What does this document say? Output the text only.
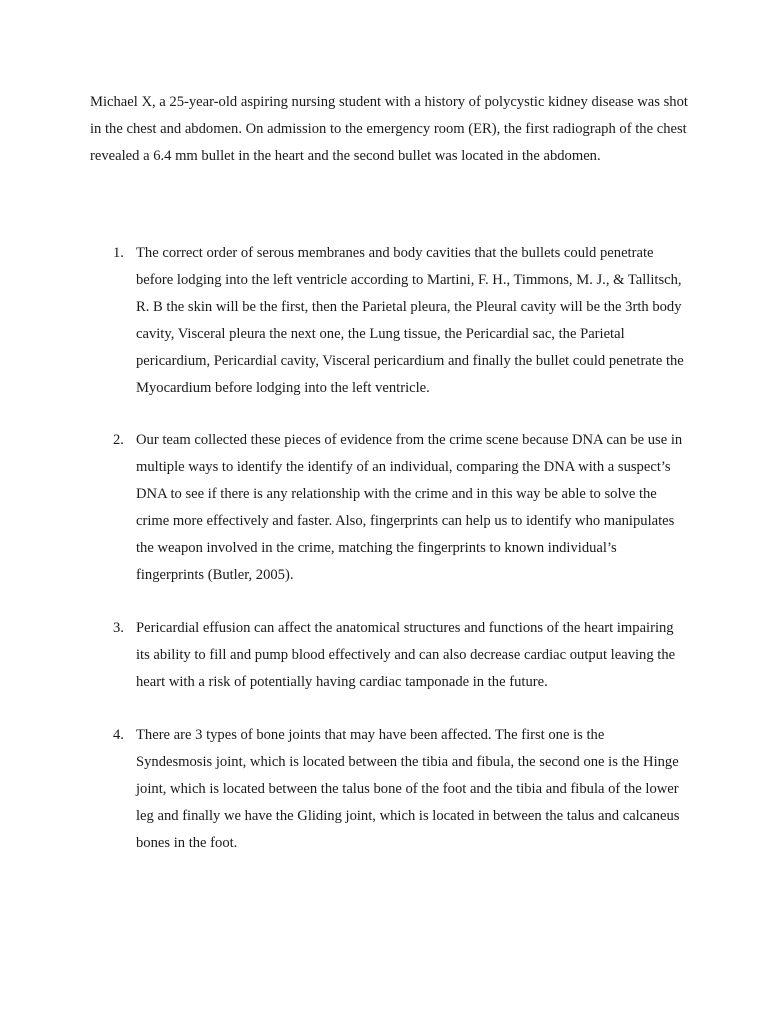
Michael X, a 25-year-old aspiring nursing student with a history of polycystic kidney disease was shot in the chest and abdomen. On admission to the emergency room (ER), the first radiograph of the chest revealed a 6.4 mm bullet in the heart and the second bullet was located in the abdomen.

1. The correct order of serous membranes and body cavities that the bullets could penetrate before lodging into the left ventricle according to Martini, F. H., Timmons, M. J., & Tallitsch, R. B the skin will be the first, then the Parietal pleura, the Pleural cavity will be the 3rth body cavity, Visceral pleura the next one, the Lung tissue, the Pericardial sac, the Parietal pericardium, Pericardial cavity, Visceral pericardium and finally the bullet could penetrate the Myocardium before lodging into the left ventricle.

2. Our team collected these pieces of evidence from the crime scene because DNA can be use in multiple ways to identify the identify of an individual, comparing the DNA with a suspect’s DNA to see if there is any relationship with the crime and in this way be able to solve the crime more effectively and faster. Also, fingerprints can help us to identify who manipulates the weapon involved in the crime, matching the fingerprints to known individual’s fingerprints (Butler, 2005).

3. Pericardial effusion can affect the anatomical structures and functions of the heart impairing its ability to fill and pump blood effectively and can also decrease cardiac output leaving the heart with a risk of potentially having cardiac tamponade in the future.

4. There are 3 types of bone joints that may have been affected. The first one is the Syndesmosis joint, which is located between the tibia and fibula, the second one is the Hinge joint, which is located between the talus bone of the foot and the tibia and fibula of the lower leg and finally we have the Gliding joint, which is located in between the talus and calcaneus bones in the foot.
